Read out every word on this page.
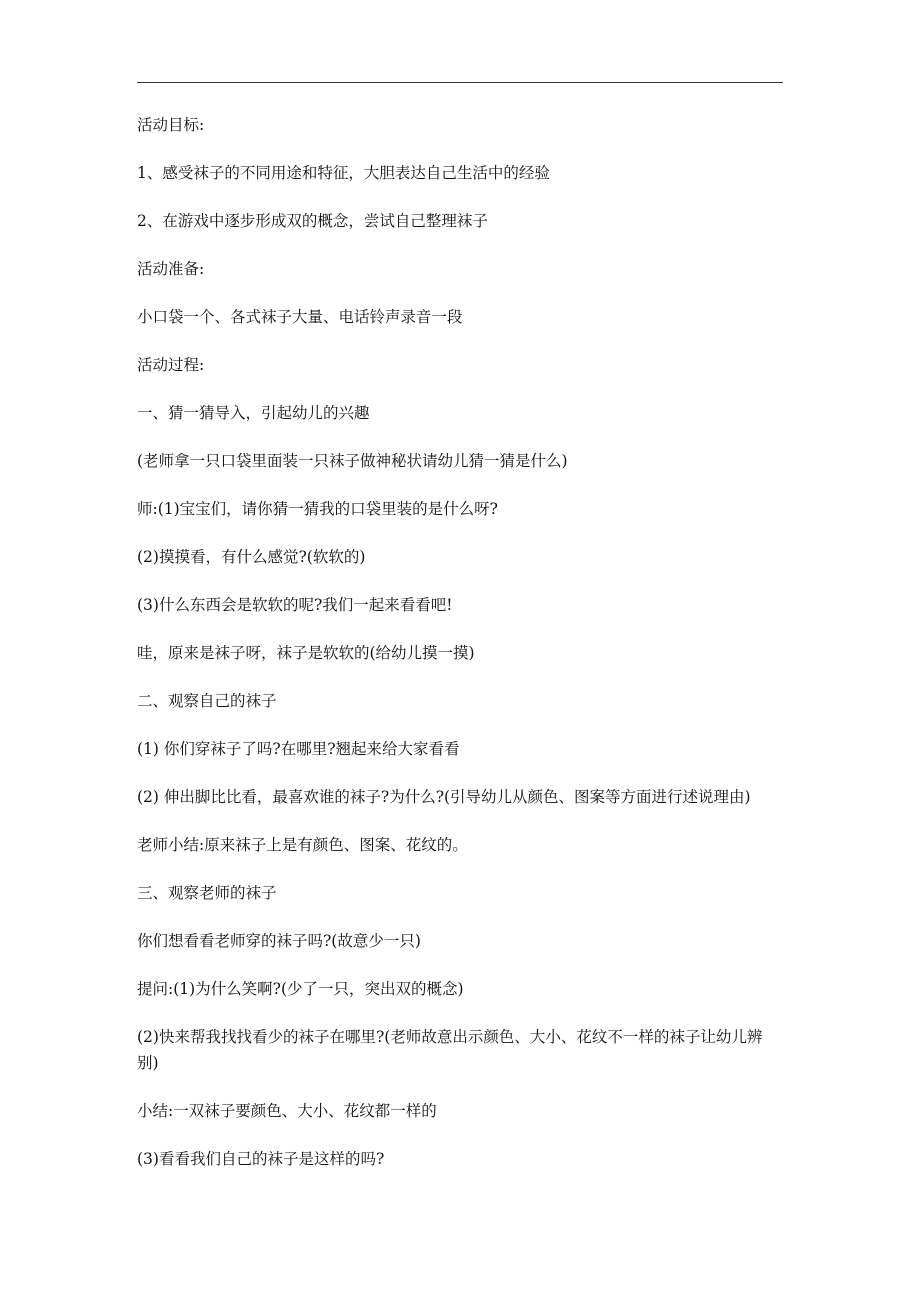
活动目标:

1、感受袜子的不同用途和特征，大胆表达自己生活中的经验

2、在游戏中逐步形成双的概念，尝试自己整理袜子

活动准备:

小口袋一个、各式袜子大量、电话铃声录音一段

活动过程:

一、猜一猜导入，引起幼儿的兴趣

(老师拿一只口袋里面装一只袜子做神秘状请幼儿猜一猜是什么)

师:(1)宝宝们，请你猜一猜我的口袋里装的是什么呀?

(2)摸摸看，有什么感觉?(软软的)

(3)什么东西会是软软的呢?我们一起来看看吧!

哇，原来是袜子呀，袜子是软软的(给幼儿摸一摸)

二、观察自己的袜子

(1) 你们穿袜子了吗?在哪里?翘起来给大家看看

(2) 伸出脚比比看，最喜欢谁的袜子?为什么?(引导幼儿从颜色、图案等方面进行述说理由)

老师小结:原来袜子上是有颜色、图案、花纹的。

三、观察老师的袜子

你们想看看老师穿的袜子吗?(故意少一只)

提问:(1)为什么笑啊?(少了一只，突出双的概念)

(2)快来帮我找找看少的袜子在哪里?(老师故意出示颜色、大小、花纹不一样的袜子让幼儿辨
别)

小结:一双袜子要颜色、大小、花纹都一样的

(3)看看我们自己的袜子是这样的吗?
